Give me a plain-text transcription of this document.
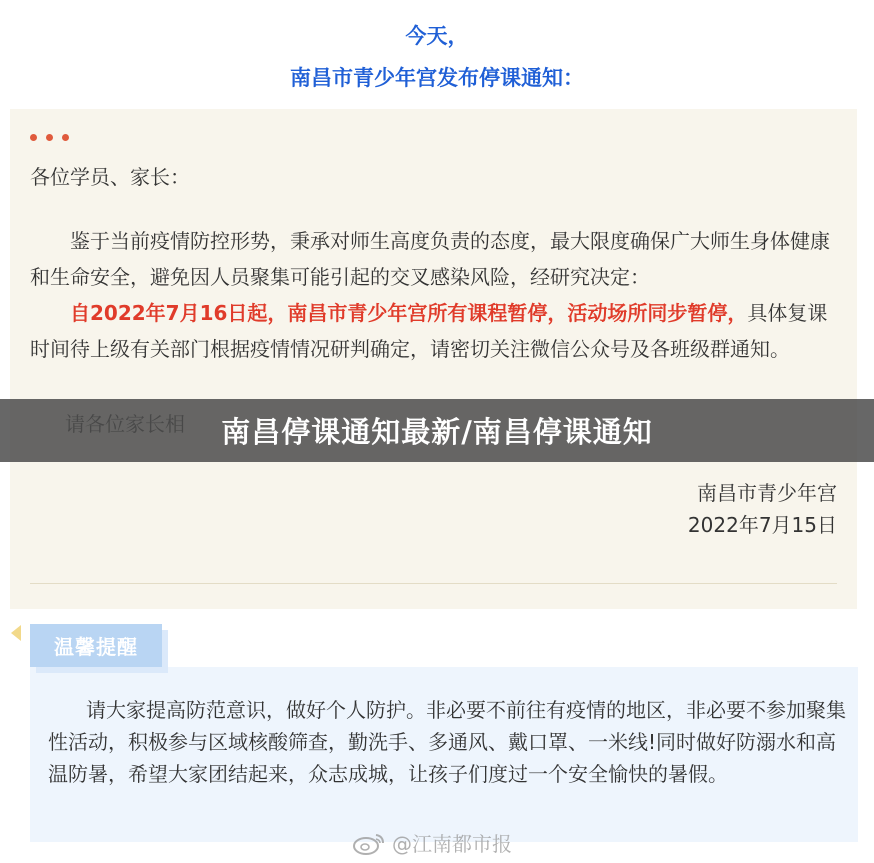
今天，
南昌市青少年宫发布停课通知：
各位学员、家长：
鉴于当前疫情防控形势，秉承对师生高度负责的态度，最大限度确保广大师生身体健康和生命安全，避免因人员聚集可能引起的交叉感染风险，经研究决定：
自2022年7月16日起，南昌市青少年宫所有课程暂停，活动场所同步暂停，具体复课时间待上级有关部门根据疫情情况研判确定，请密切关注微信公众号及各班级群通知。
南昌市青少年宫
2022年7月15日
南昌停课通知最新/南昌停课通知
请大家提高防范意识，做好个人防护。非必要不前往有疫情的地区，非必要不参加聚集性活动，积极参与区域核酸筛查，勤洗手、多通风、戴口罩、一米线!同时做好防溺水和高温防暑，希望大家团结起来，众志成城，让孩子们度过一个安全愉快的暑假。
温馨提醒
@江南都市报
